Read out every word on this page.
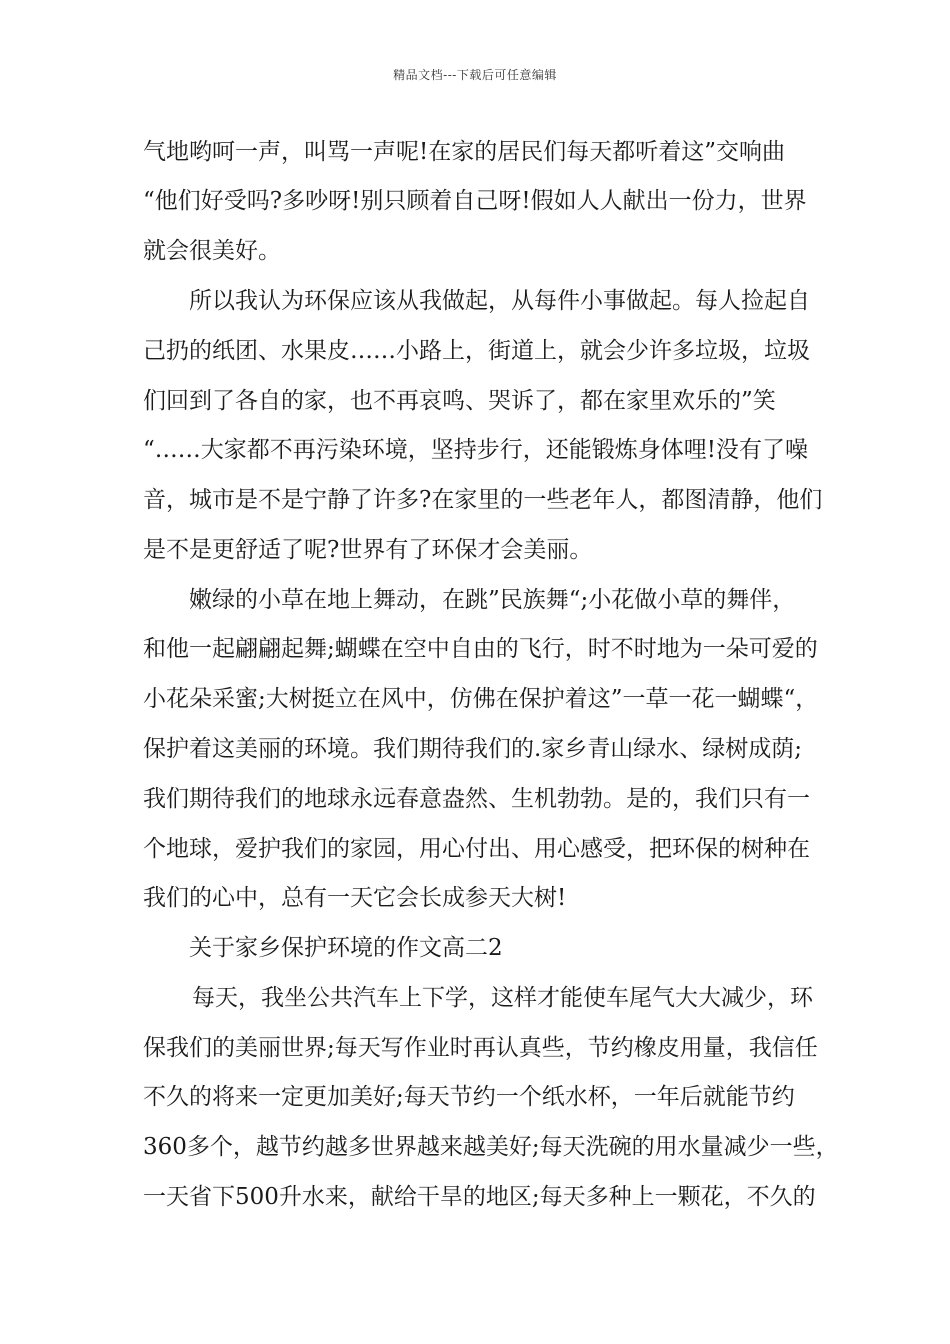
精品文档---下载后可任意编辑
气地哟呵一声，叫骂一声呢!在家的居民们每天都听着这”交响曲
“他们好受吗?多吵呀!别只顾着自己呀!假如人人献出一份力，世界
就会很美好。
所以我认为环保应该从我做起，从每件小事做起。每人捡起自
己扔的纸团、水果皮……小路上，街道上，就会少许多垃圾，垃圾
们回到了各自的家，也不再哀鸣、哭诉了，都在家里欢乐的”笑
“……大家都不再污染环境，坚持步行，还能锻炼身体哩!没有了噪
音，城市是不是宁静了许多?在家里的一些老年人，都图清静，他们
是不是更舒适了呢?世界有了环保才会美丽。
嫩绿的小草在地上舞动，在跳”民族舞“;小花做小草的舞伴，
和他一起翩翩起舞;蝴蝶在空中自由的飞行，时不时地为一朵可爱的
小花朵采蜜;大树挺立在风中，仿佛在保护着这”一草一花一蝴蝶“，
保护着这美丽的环境。我们期待我们的.家乡青山绿水、绿树成荫;
我们期待我们的地球永远春意盎然、生机勃勃。是的，我们只有一
个地球，爱护我们的家园，用心付出、用心感受，把环保的树种在
我们的心中，总有一天它会长成参天大树!
关于家乡保护环境的作文高二2
每天，我坐公共汽车上下学，这样才能使车尾气大大减少，环
保我们的美丽世界;每天写作业时再认真些，节约橡皮用量，我信任
不久的将来一定更加美好;每天节约一个纸水杯，一年后就能节约
360多个，越节约越多世界越来越美好;每天洗碗的用水量减少一些，
一天省下500升水来，献给干旱的地区;每天多种上一颗花，不久的
